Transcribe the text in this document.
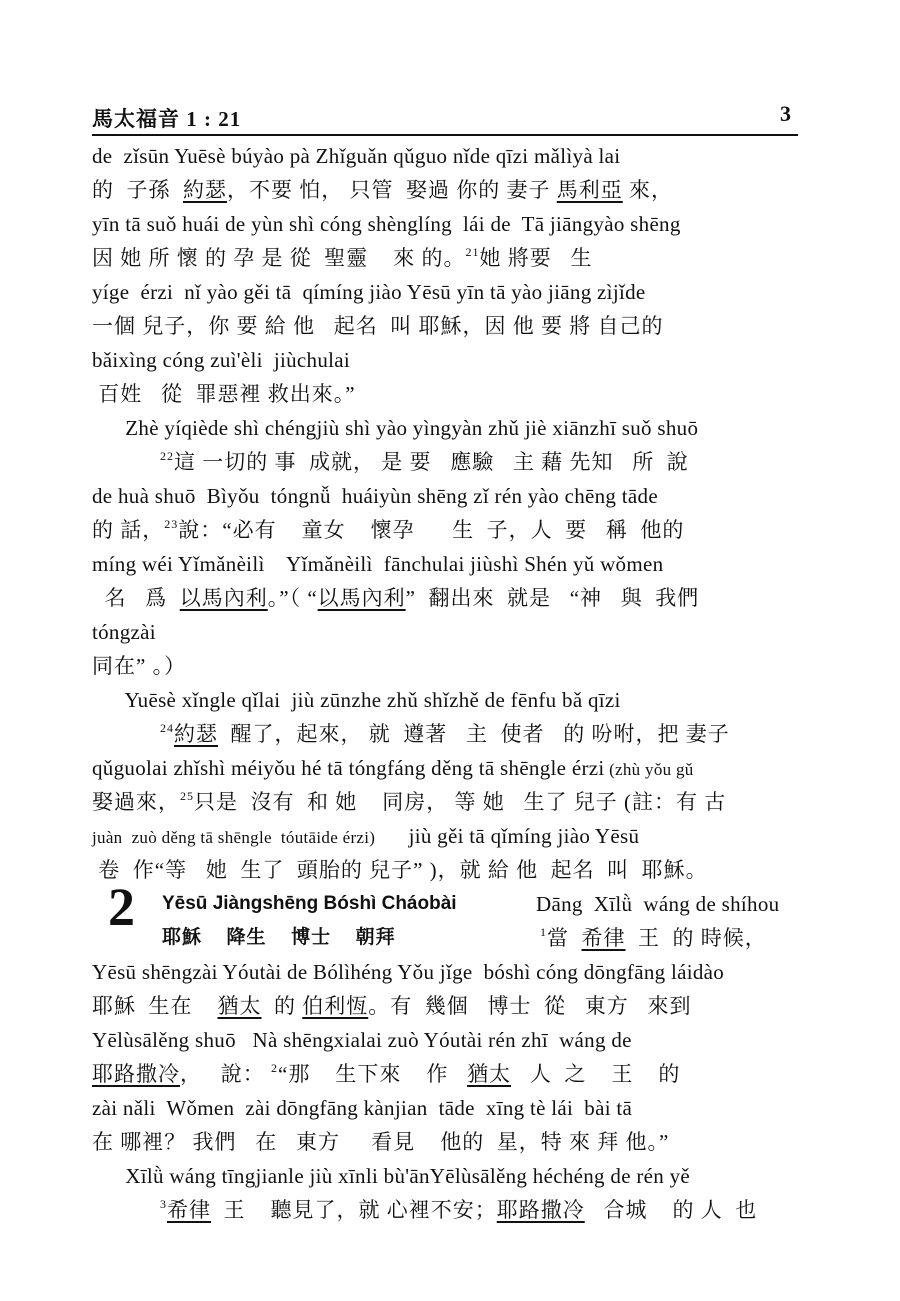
馬太福音 1 : 21	3
de  zǐsūn Yuēsè búyào pà Zhǐguǎn qǔguo nǐde qīzi mǎlìyà lai
的  子孫  約瑟，不要 怕， 只管  娶過 你的 妻子 馬利亞 來，
yīn tā suǒ huái de yùn shì cóng shènglíng  lái de  Tā jiāngyào shēng
因 她 所 懷 的 孕 是 從  聖靈    來 的。$^{21}$她 將要   生
yíge  érzi  nǐ yào gěi tā  qímíng jiào Yēsū yīn tā yào jiāng zìjǐde
一個 兒子，你 要 給 他   起名  叫 耶穌，因 他 要 將 自己的
bǎixìng cóng zuì'èli  jiùchulai
百姓   從  罪惡裡 救出來。”
Zhè yíqiède shì chéngjiù shì yào yìngyàn zhǔ jiè xiānzhī suǒ shuō
$^{22}$這 一切的 事  成就， 是 要   應驗   主 藉 先知   所  說
de huà shuō  Bìyǒu  tóngnǚ  huáiyùn shēng zǐ rén yào chēng tāde
的 話，$^{23}$說：“必有    童女    懷孕      生  子，人  要   稱  他的
míng wéi Yǐmǎnèilì    Yǐmǎnèilì  fānchulai jiùshì Shén yǔ wǒmen
名   爲  以馬內利。”（ “以馬內利”  翻出來  就是   “神   與  我們
tóngzài
同在” 。）
Yuēsè xǐngle qǐlai  jiù zūnzhe zhǔ shǐzhě de fēnfu bǎ qīzi
$^{24}$約瑟  醒了，起來， 就  遵著   主  使者   的 吩咐，把 妻子
qǔguolai zhǐshì méiyǒu hé tā tóngfáng děng tā shēngle érzi (zhù yǒu gǔ
娶過來，$^{25}$只是  沒有  和 她    同房， 等 她   生了 兒子 (註：有 古
juàn  zuò děng tā shēngle  tóutāide érzi)      jiù gěi tā qǐmíng jiào Yēsū
卷  作“等   她  生了  頭胎的 兒子” )，就 給 他  起名  叫  耶穌。
2 Yēsū Jiàngshēng Bóshì Cháobài	Dāng  Xīlǜ  wáng de shíhou
耶穌  降生  博士  朝拜	$^1$當  希律  王  的 時候，
Yēsū shēngzài Yóutài de Bólìhéng Yǒu jǐge  bóshì cóng dōngfāng láidào
耶穌  生在    猶太  的 伯利恆。有  幾個   博士  從   東方   來到
Yēlùsālěng shuō   Nà shēngxialai zuò Yóutài rén zhī  wáng de
耶路撒冷，   說： $^2$“那    生下來    作   猶太   人  之    王    的
zài nǎli  Wǒmen  zài dōngfāng kànjian  tāde  xīng tè lái  bài tā
在 哪裡？ 我們   在   東方     看見    他的  星，特 來 拜 他。”
Xīlǜ wáng tīngjianle jiù xīnli bù'ānYēlùsālěng héchéng de rén yě
$^3$希律  王    聽見了，就 心裡不安；耶路撒冷   合城    的 人  也
